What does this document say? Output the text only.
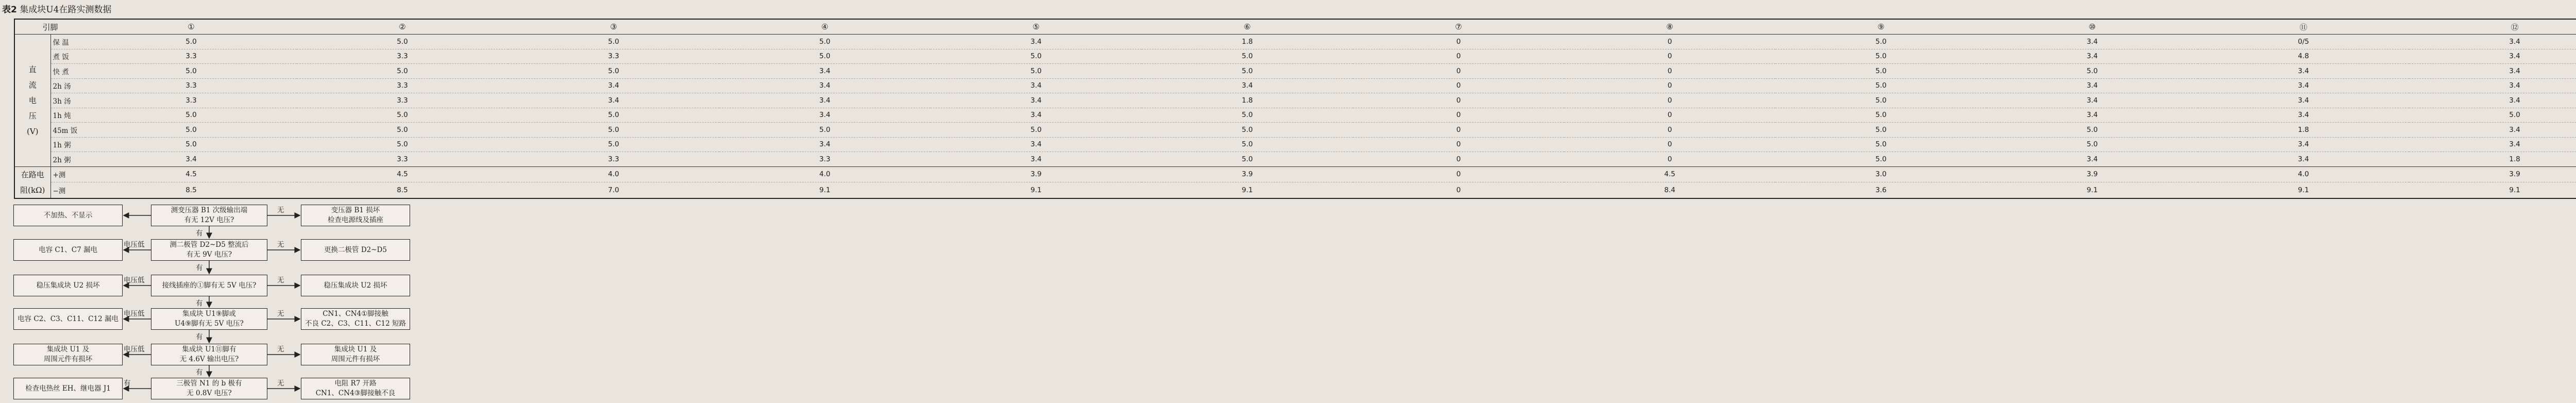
表2 集成块U4在路实测数据
引脚		①	②	③	④	⑤	⑥	⑦	⑧	⑨	⑩	⑪	⑫		

直
流
电
压
(V)	保 温	5.0	5.0	5.0	5.0	3.4	1.8	0	0	5.0	3.4	0/5	3.4		
	煮 饭	3.3	3.3	3.3	5.0	5.0	5.0	0	0	5.0	3.4	4.8	3.4		
	快 煮	5.0	5.0	5.0	3.4	5.0	5.0	0	0	5.0	5.0	3.4	3.4		
	2h 汤	3.3	3.3	3.4	3.4	3.4	3.4	0	0	5.0	3.4	3.4	3.4		
	3h 汤	3.3	3.3	3.4	3.4	3.4	1.8	0	0	5.0	3.4	3.4	3.4		
	1h 炖	5.0	5.0	5.0	3.4	3.4	5.0	0	0	5.0	3.4	3.4	5.0		
	45m 饭	5.0	5.0	5.0	5.0	5.0	5.0	0	0	5.0	5.0	1.8	3.4		
	1h 粥	5.0	5.0	5.0	3.4	3.4	5.0	0	0	5.0	5.0	3.4	3.4		
	2h 粥	3.4	3.3	3.3	3.3	3.4	5.0	0	0	5.0	3.4	3.4	1.8		

在路电
阻(kΩ)	+测	4.5	4.5	4.0	4.0	3.9	3.9	0	4.5	3.0	3.9	4.0	3.9		
	−测	8.5	8.5	7.0	9.1	9.1	9.1	0	8.4	3.6	9.1	9.1	9.1		
测变压器 B1 次级输出端
有无 12V 电压?
测二极管 D2~D5 整流后
有无 9V 电压?
接线插座的①脚有无 5V 电压?
集成块 U1⑨脚或
U4⑨脚有无 5V 电压?
集成块 U1⑪脚有
无 4.6V 输出电压?
三极管 N1 的 b 极有
无 0.8V 电压?
不加热、不显示
电容 C1、C7 漏电
稳压集成块 U2 损坏
电容 C2、C3、C11、C12 漏电
集成块 U1 及
周围元件有损坏
检查电热丝 EH、继电器 J1
变压器 B1 损坏
检查电源线及插座
更换二极管 D2~D5
稳压集成块 U2 损坏
CN1、CN4①脚接触
不良 C2、C3、C11、C12 短路
集成块 U1 及
周围元件有损坏
电阻 R7 开路
CN1、CN4③脚接触不良
有
无
有
无
有
无
有
无
有
无
无
电压低
电压低
电压低
电压低
有
